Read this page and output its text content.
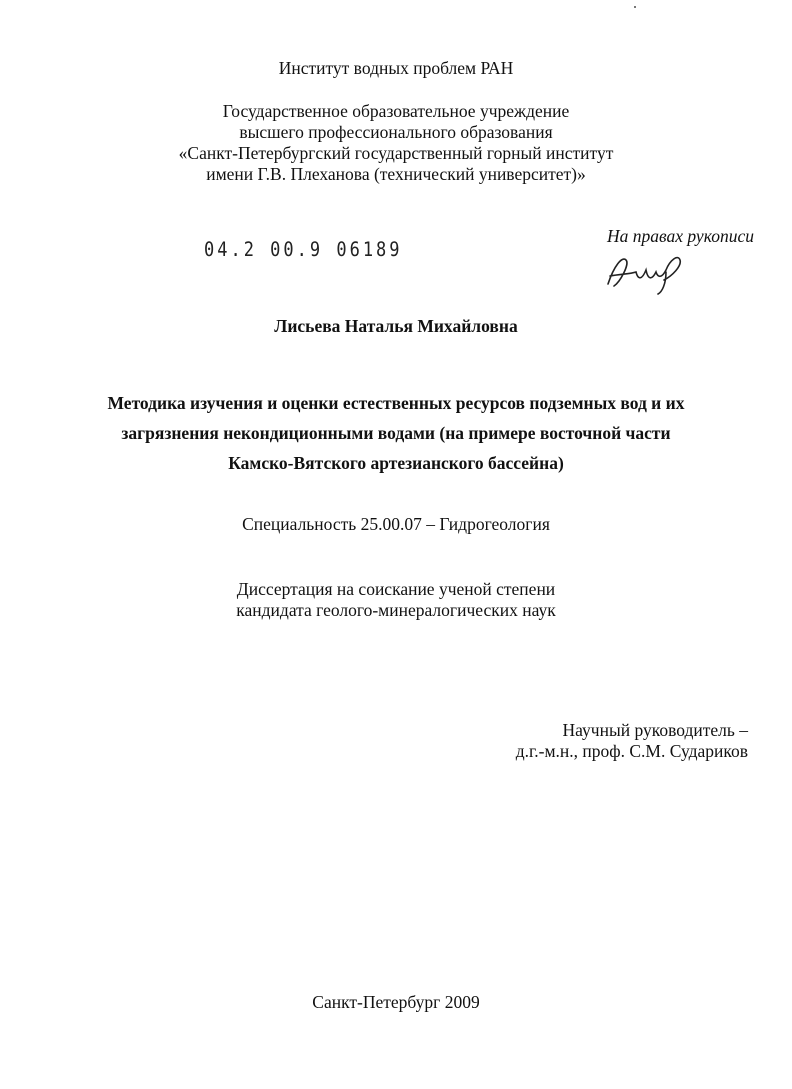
Институт водных проблем РАН
Государственное образовательное учреждение
высшего профессионального образования
«Санкт-Петербургский государственный горный институт
имени Г.В. Плеханова (технический университет)»
04.2 00.9 06189
На правах рукописи
Лисьева Наталья Михайловна
Методика изучения и оценки естественных ресурсов подземных вод и их
загрязнения некондиционными водами (на примере восточной части
Камско-Вятского артезианского бассейна)
Специальность 25.00.07 – Гидрогеология
Диссертация на соискание ученой степени
кандидата геолого-минералогических наук
Научный руководитель –
д.г.-м.н., проф. С.М. Судариков
Санкт-Петербург 2009
